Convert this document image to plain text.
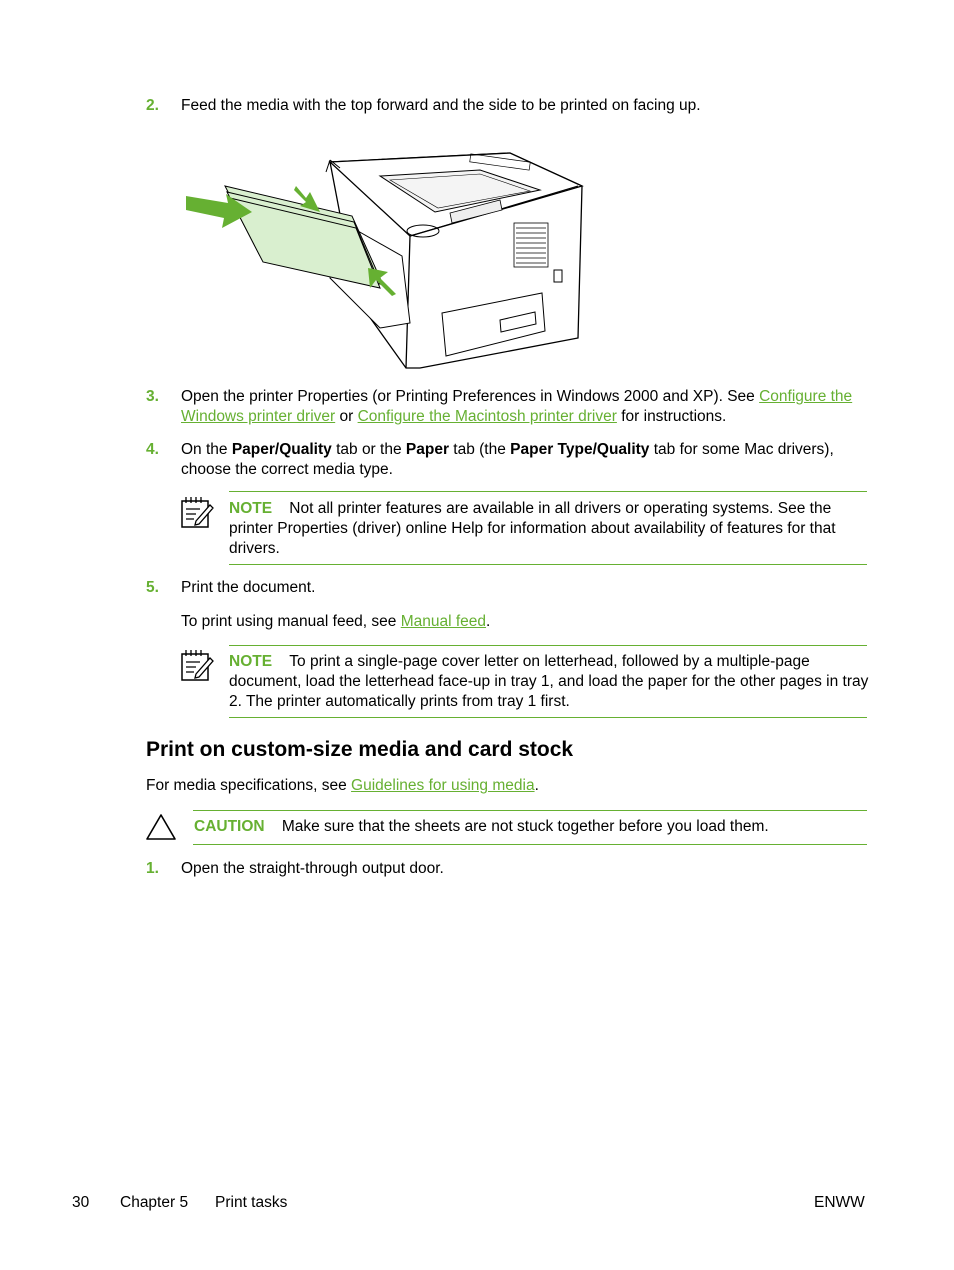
2. Feed the media with the top forward and the side to be printed on facing up.
3. Open the printer Properties (or Printing Preferences in Windows 2000 and XP). See Configure the
Windows printer driver or Configure the Macintosh printer driver for instructions.
4. On the Paper/Quality tab or the Paper tab (the Paper Type/Quality tab for some Mac drivers), choose the correct media type.
NOTE Not all printer features are available in all drivers or operating systems. See the printer Properties (driver) online Help for information about availability of features for that drivers.
5. Print the document.
To print using manual feed, see Manual feed.
NOTE To print a single-page cover letter on letterhead, followed by a multiple-page document, load the letterhead face-up in tray 1, and load the paper for the other pages in tray 2. The printer automatically prints from tray 1 first.
Print on custom-size media and card stock
For media specifications, see Guidelines for using media.
CAUTION Make sure that the sheets are not stuck together before you load them.
1. Open the straight-through output door.
30 Chapter 5 Print tasks	ENWW
